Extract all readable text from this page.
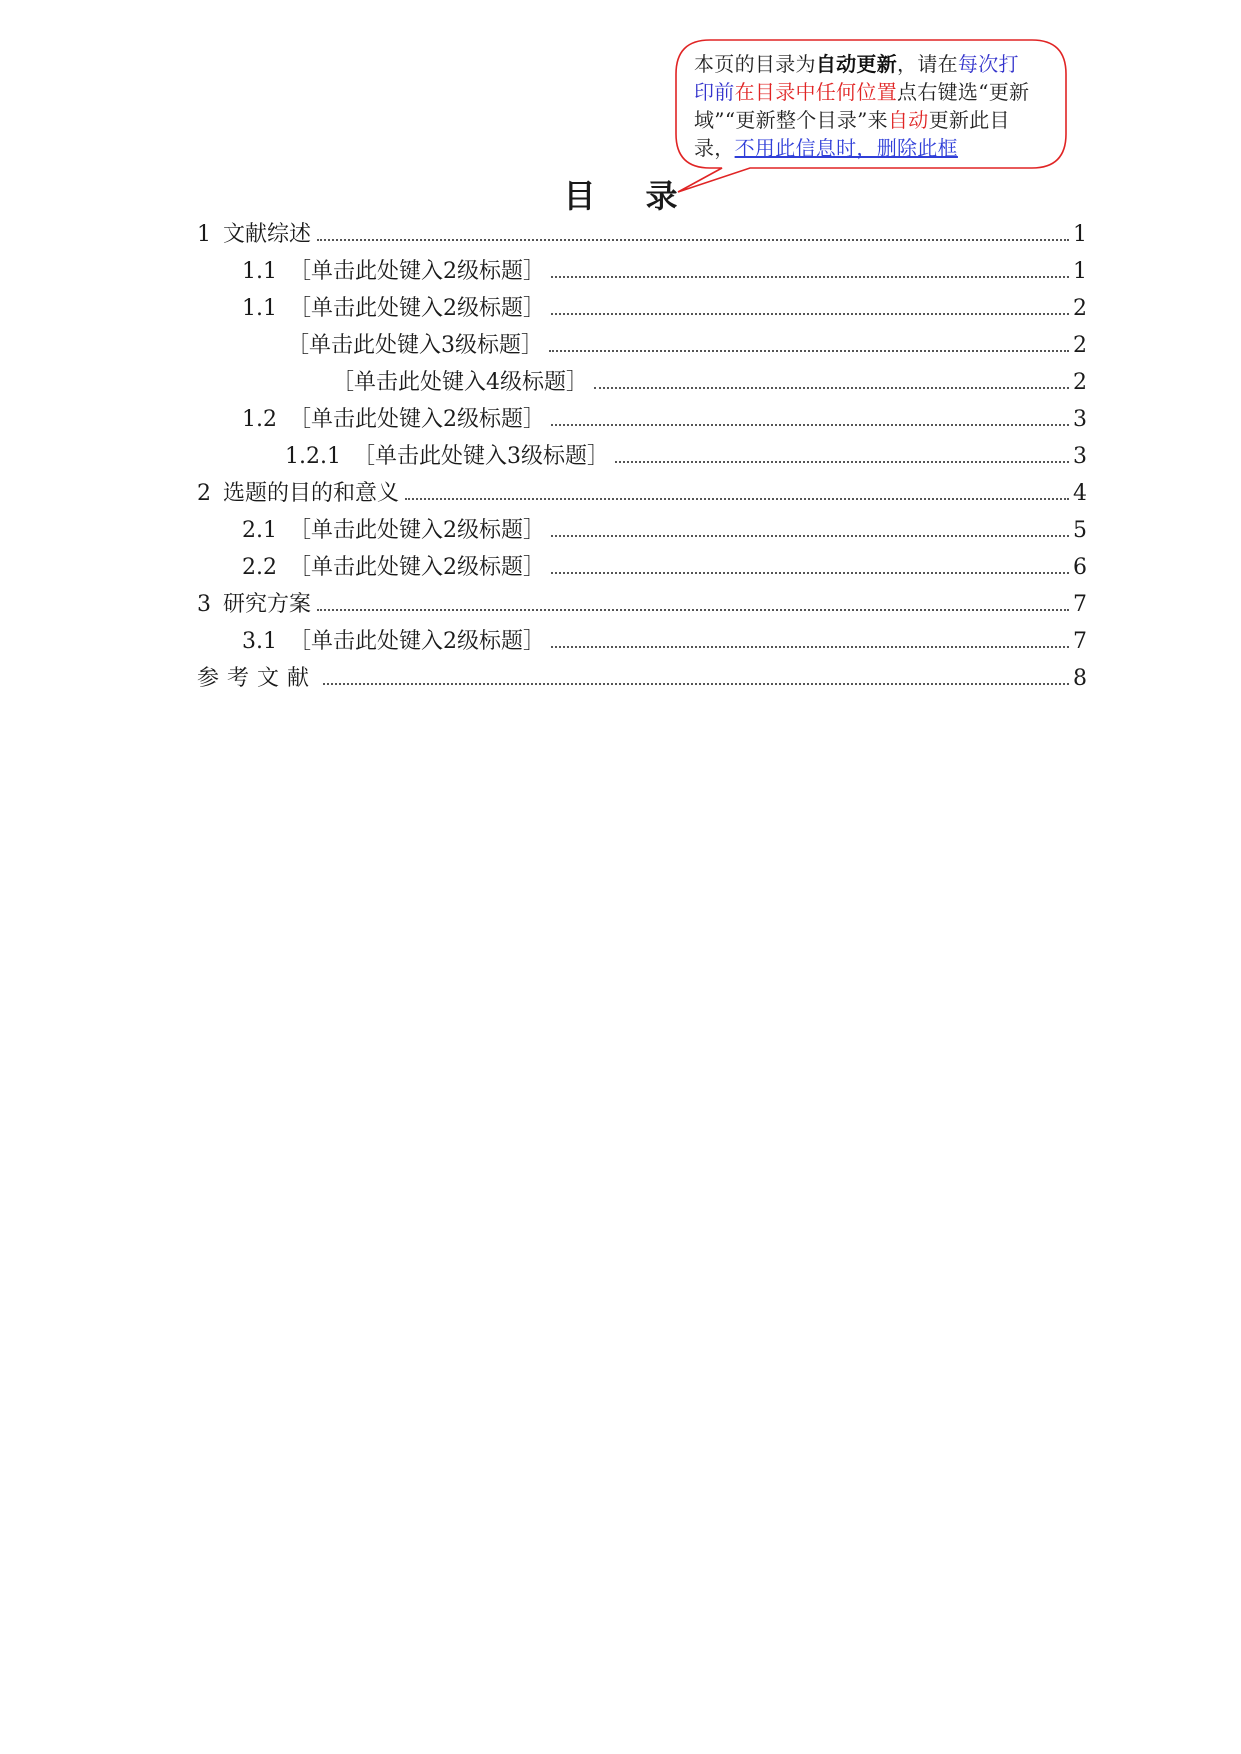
本页的目录为自动更新，请在每次打印前在目录中任何位置点右键选“更新域”“更新整个目录”来自动更新此目录，不用此信息时，删除此框
目录
1 文献综述	1
1.1 ［单击此处键入2级标题］	1
1.1 ［单击此处键入2级标题］	2
［单击此处键入3级标题］	2
［单击此处键入4级标题］	2
1.2 ［单击此处键入2级标题］	3
1.2.1 ［单击此处键入3级标题］	3
2 选题的目的和意义	4
2.1 ［单击此处键入2级标题］	5
2.2 ［单击此处键入2级标题］	6
3 研究方案	7
3.1 ［单击此处键入2级标题］	7
参考文献	8
